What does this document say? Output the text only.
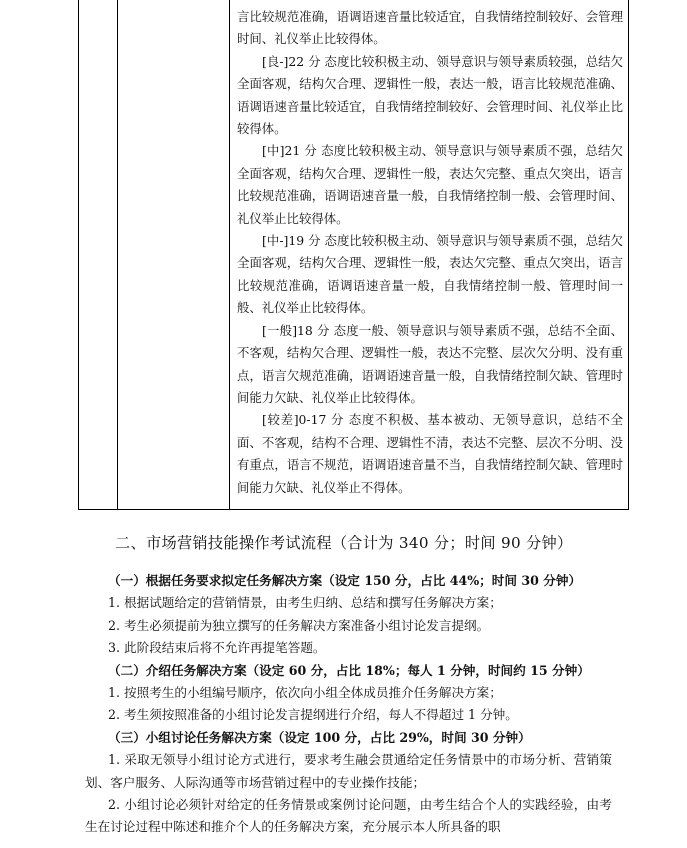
言比较规范准确，语调语速音量比较适宜，自我情绪控制较好、会管理时间、礼仪举止比较得体。

[良-]22 分 态度比较积极主动、领导意识与领导素质较强，总结欠全面客观，结构欠合理、逻辑性一般，表达一般，语言比较规范准确、语调语速音量比较适宜，自我情绪控制较好、会管理时间、礼仪举止比较得体。

[中]21 分 态度比较积极主动、领导意识与领导素质不强，总结欠全面客观，结构欠合理、逻辑性一般，表达欠完整、重点欠突出，语言比较规范准确，语调语速音量一般，自我情绪控制一般、会管理时间、礼仪举止比较得体。

[中-]19 分 态度比较积极主动、领导意识与领导素质不强，总结欠全面客观，结构欠合理、逻辑性一般，表达欠完整、重点欠突出，语言比较规范准确，语调语速音量一般，自我情绪控制一般、管理时间一般、礼仪举止比较得体。

[一般]18 分 态度一般、领导意识与领导素质不强，总结不全面、不客观，结构欠合理、逻辑性一般，表达不完整、层次欠分明、没有重点，语言欠规范准确，语调语速音量一般，自我情绪控制欠缺、管理时间能力欠缺、礼仪举止比较得体。

[较差]0-17 分 态度不积极、基本被动、无领导意识，总结不全面、不客观，结构不合理、逻辑性不清，表达不完整、层次不分明、没有重点，语言不规范，语调语速音量不当，自我情绪控制欠缺、管理时间能力欠缺、礼仪举止不得体。

二、市场营销技能操作考试流程（合计为 340 分；时间 90 分钟）

（一）根据任务要求拟定任务解决方案（设定 150 分，占比 44%；时间 30 分钟）

1. 根据试题给定的营销情景，由考生归纳、总结和撰写任务解决方案；

2. 考生必须提前为独立撰写的任务解决方案准备小组讨论发言提纲。

3. 此阶段结束后将不允许再提笔答题。

（二）介绍任务解决方案（设定 60 分，占比 18%；每人 1 分钟，时间约 15 分钟）

1. 按照考生的小组编号顺序，依次向小组全体成员推介任务解决方案；

2. 考生须按照准备的小组讨论发言提纲进行介绍，每人不得超过 1 分钟。

（三）小组讨论任务解决方案（设定 100 分，占比 29%，时间 30 分钟）

1. 采取无领导小组讨论方式进行，要求考生融会贯通给定任务情景中的市场分析、营销策划、客户服务、人际沟通等市场营销过程中的专业操作技能；

2. 小组讨论必须针对给定的任务情景或案例讨论问题，由考生结合个人的实践经验，由考生在讨论过程中陈述和推介个人的任务解决方案，充分展示本人所具备的职
